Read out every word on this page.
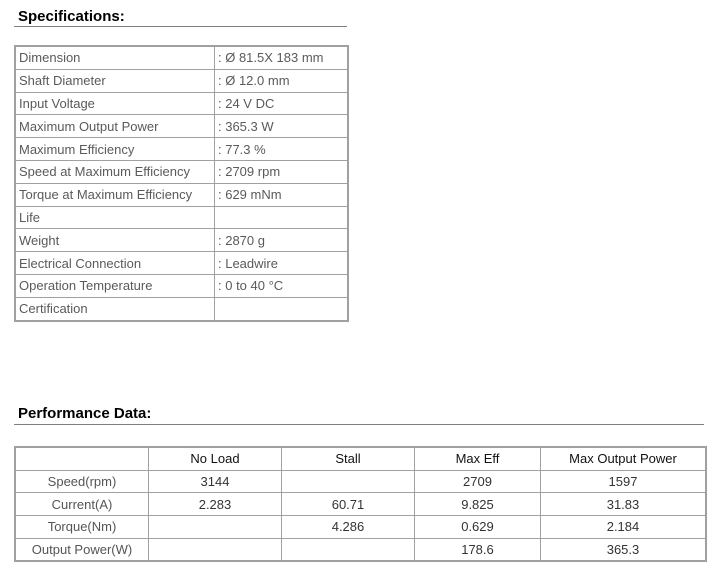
Specifications:
Dimension	: Ø 81.5X 183 mm
Shaft Diameter	: Ø 12.0 mm
Input Voltage	: 24 V DC
Maximum Output Power	: 365.3 W
Maximum Efficiency	: 77.3 %
Speed at Maximum Efficiency	: 2709 rpm
Torque at Maximum Efficiency	: 629 mNm
Life	
Weight	: 2870 g
Electrical Connection	: Leadwire
Operation Temperature	: 0 to 40 °C
Certification	
Performance Data:
	No Load	Stall	Max Eff	Max Output Power
Speed(rpm)	3144		2709	1597
Current(A)	2.283	60.71	9.825	31.83
Torque(Nm)		4.286	0.629	2.184
Output Power(W)			178.6	365.3
